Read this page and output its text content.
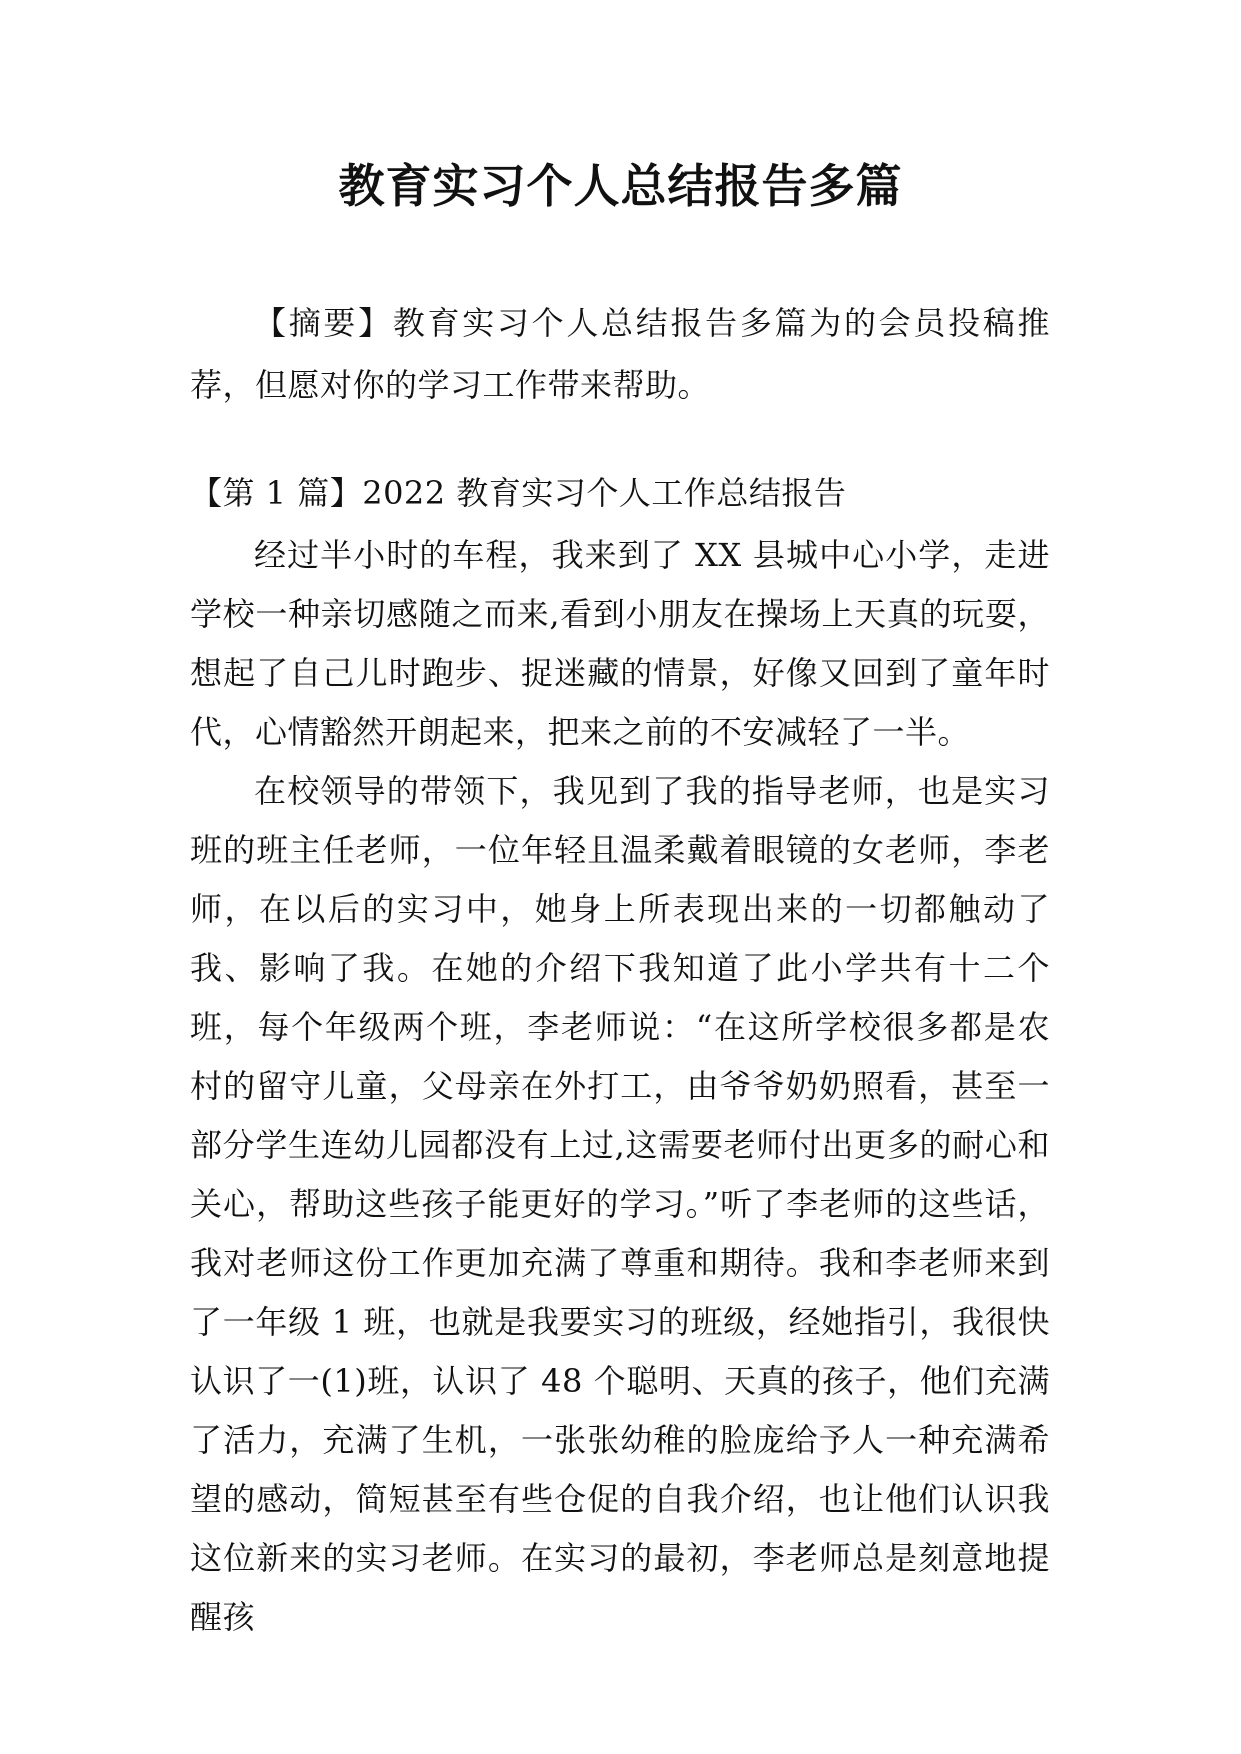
教育实习个人总结报告多篇

【摘要】教育实习个人总结报告多篇为的会员投稿推荐，但愿对你的学习工作带来帮助。

【第 1 篇】2022 教育实习个人工作总结报告

经过半小时的车程，我来到了 XX 县城中心小学，走进学校一种亲切感随之而来,看到小朋友在操场上天真的玩耍，想起了自己儿时跑步、捉迷藏的情景，好像又回到了童年时代，心情豁然开朗起来，把来之前的不安减轻了一半。

在校领导的带领下，我见到了我的指导老师，也是实习班的班主任老师，一位年轻且温柔戴着眼镜的女老师，李老师，在以后的实习中，她身上所表现出来的一切都触动了我、影响了我。在她的介绍下我知道了此小学共有十二个班，每个年级两个班，李老师说：“在这所学校很多都是农村的留守儿童，父母亲在外打工，由爷爷奶奶照看，甚至一部分学生连幼儿园都没有上过,这需要老师付出更多的耐心和关心，帮助这些孩子能更好的学习。”听了李老师的这些话，我对老师这份工作更加充满了尊重和期待。我和李老师来到了一年级 1 班，也就是我要实习的班级，经她指引，我很快认识了一(1)班，认识了 48 个聪明、天真的孩子，他们充满了活力，充满了生机，一张张幼稚的脸庞给予人一种充满希望的感动，简短甚至有些仓促的自我介绍，也让他们认识我这位新来的实习老师。在实习的最初，李老师总是刻意地提醒孩
